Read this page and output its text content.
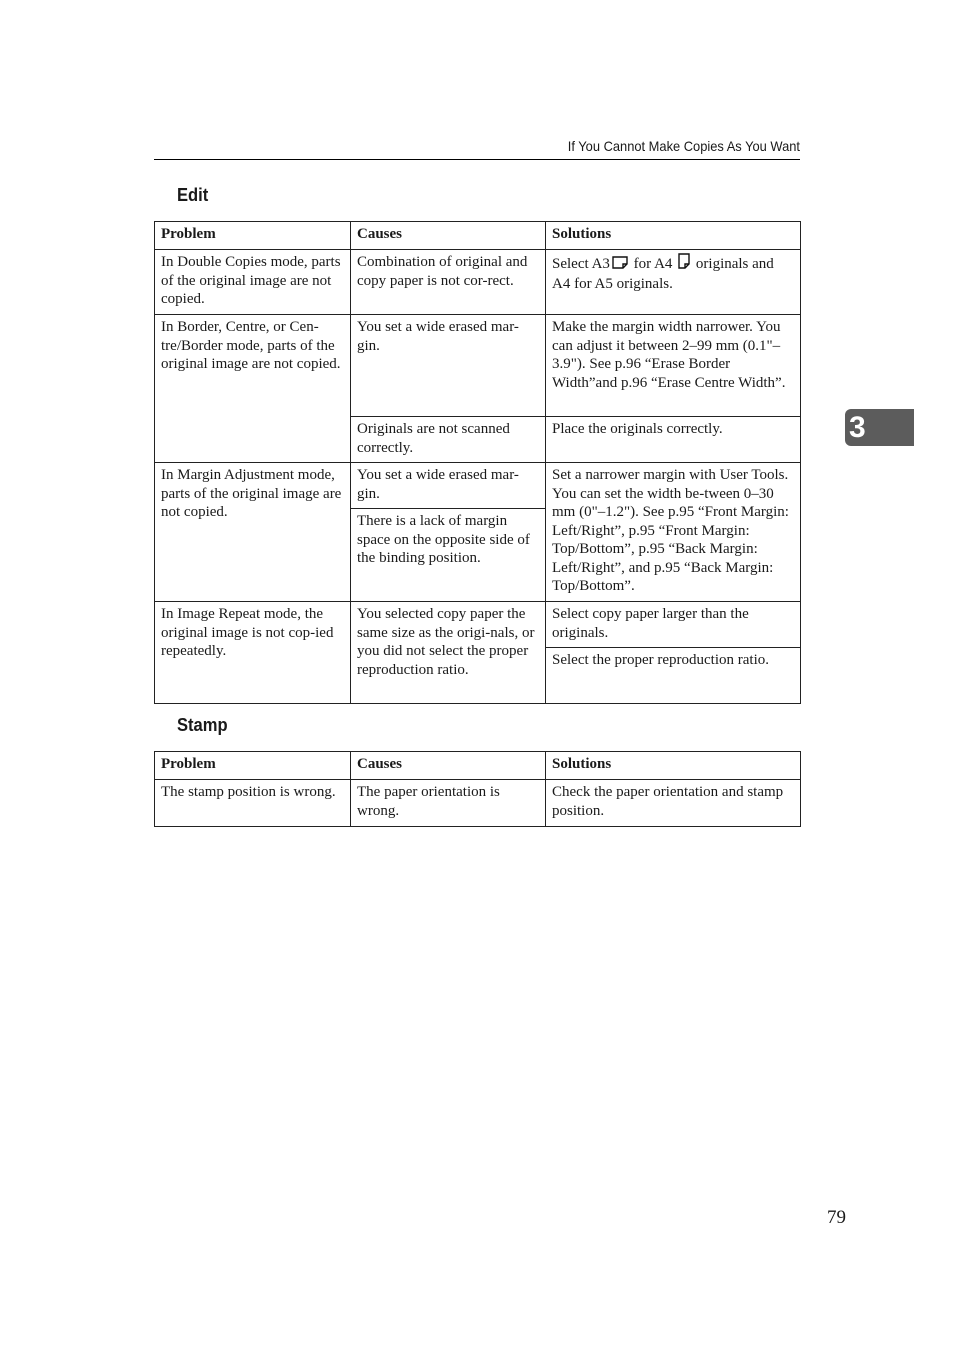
If You Cannot Make Copies As You Want
Edit
Problem	Causes	Solutions
In Double Copies mode, parts of the original image are not copied.	Combination of original and copy paper is not cor-rect.	Select A3 for A4  originals and A4 for A5 originals.
In Border, Centre, or Cen-tre/Border mode, parts of the original image are not copied.	You set a wide erased mar-gin.	Make the margin width narrower. You can adjust it between 2–99 mm (0.1"–3.9"). See p.96 “Erase Border Width”and p.96 “Erase Centre Width”.
	Originals are not scanned correctly.	Place the originals correctly.
In Margin Adjustment mode, parts of the original image are not copied.	You set a wide erased mar-gin.	Set a narrower margin with User Tools. You can set the width be-tween 0–30 mm (0"–1.2"). See p.95 “Front Margin: Left/Right”, p.95 “Front Margin: Top/Bottom”, p.95 “Back Margin: Left/Right”, and p.95 “Back Margin: Top/Bottom”.
	There is a lack of margin space on the opposite side of the binding position.	
In Image Repeat mode, the original image is not cop-ied repeatedly.	You selected copy paper the same size as the origi-nals, or you did not select the proper reproduction ratio.	Select copy paper larger than the originals.
		Select the proper reproduction ratio.
Stamp
Problem	Causes	Solutions
The stamp position is wrong.	The paper orientation is wrong.	Check the paper orientation and stamp position.
3
79
